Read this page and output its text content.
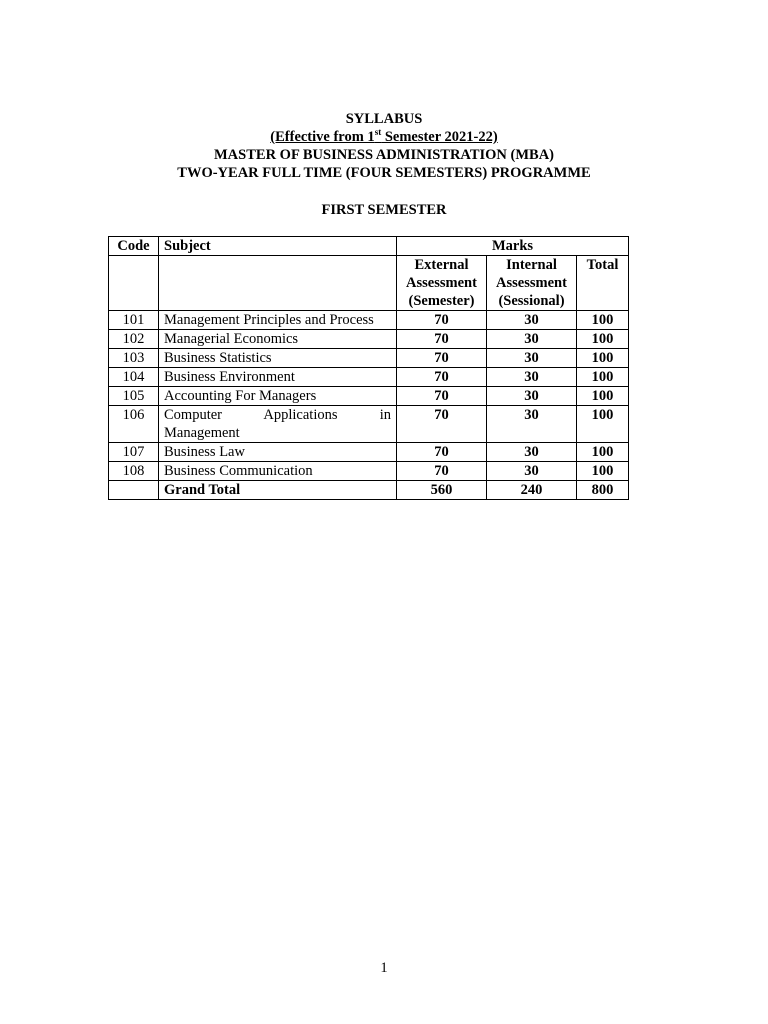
SYLLABUS
(Effective from 1st Semester 2021-22)
MASTER OF BUSINESS ADMINISTRATION (MBA)
TWO-YEAR FULL TIME (FOUR SEMESTERS) PROGRAMME
FIRST SEMESTER
Code	Subject	Marks		

		External
Assessment
(Semester)	Internal
Assessment
(Sessional)	Total
101	Management Principles and Process	70	30	100
102	Managerial Economics	70	30	100
103	Business Statistics	70	30	100
104	Business Environment	70	30	100
105	Accounting For Managers	70	30	100
106	Computer Applications in
Management	70	30	100
107	Business Law	70	30	100
108	Business Communication	70	30	100
	Grand Total	560	240	800
1
